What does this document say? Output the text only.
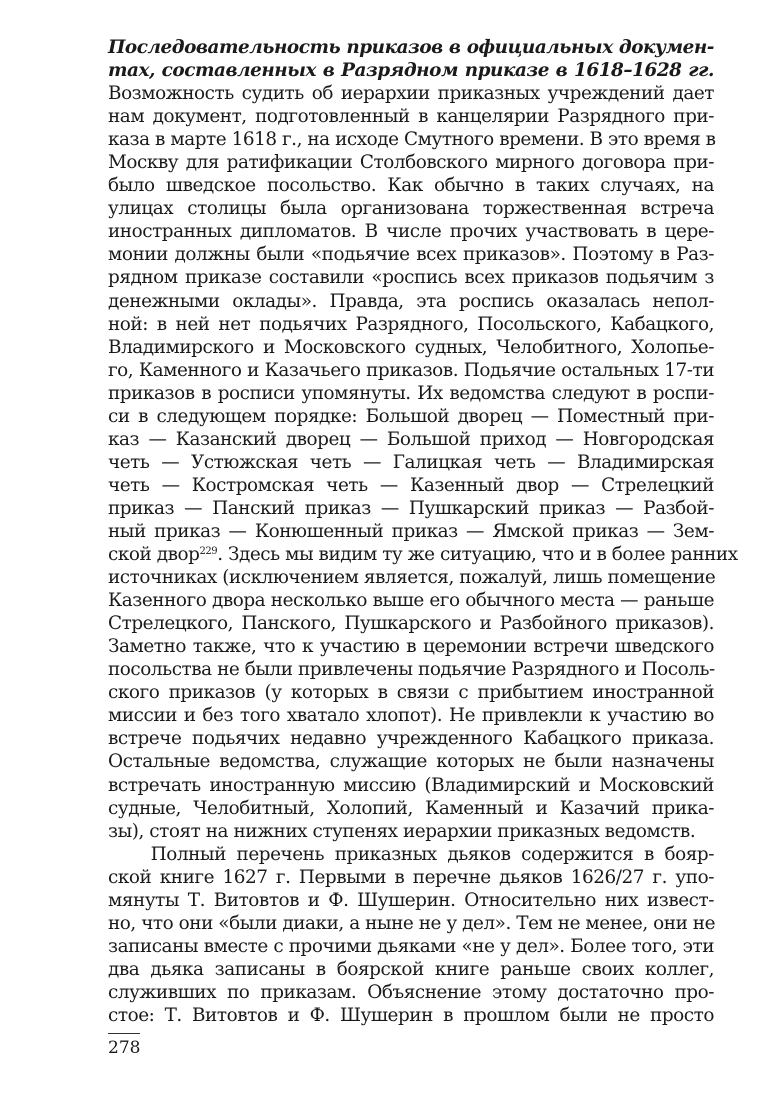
Последовательность приказов в официальных докумен-
тах, составленных в Разрядном приказе в 1618–1628 гг.
Возможность судить об иерархии приказных учреждений дает
нам документ, подготовленный в канцелярии Разрядного при-
каза в марте 1618 г., на исходе Смутного времени. В это время в
Москву для ратификации Столбовского мирного договора при-
было шведское посольство. Как обычно в таких случаях, на
улицах столицы была организована торжественная встреча
иностранных дипломатов. В числе прочих участвовать в цере-
монии должны были «подьячие всех приказов». Поэтому в Раз-
рядном приказе составили «роспись всех приказов подьячим з
денежными оклады». Правда, эта роспись оказалась непол-
ной: в ней нет подьячих Разрядного, Посольского, Кабацкого,
Владимирского и Московского судных, Челобитного, Холопье-
го, Каменного и Казачьего приказов. Подьячие остальных 17-ти
приказов в росписи упомянуты. Их ведомства следуют в роспи-
си в следующем порядке: Большой дворец — Поместный при-
каз — Казанский дворец — Большой приход — Новгородская
четь — Устюжская четь — Галицкая четь — Владимирская
четь — Костромская четь — Казенный двор — Стрелецкий
приказ — Панский приказ — Пушкарский приказ — Разбой-
ный приказ — Конюшенный приказ — Ямской приказ — Зем-
ской двор$^{229}$. Здесь мы видим ту же ситуацию, что и в более ранних
источниках (исключением является, пожалуй, лишь помещение
Казенного двора несколько выше его обычного места — раньше
Стрелецкого, Панского, Пушкарского и Разбойного приказов).
Заметно также, что к участию в церемонии встречи шведского
посольства не были привлечены подьячие Разрядного и Посоль-
ского приказов (у которых в связи с прибытием иностранной
миссии и без того хватало хлопот). Не привлекли к участию во
встрече подьячих недавно учрежденного Кабацкого приказа.
Остальные ведомства, служащие которых не были назначены
встречать иностранную миссию (Владимирский и Московский
судные, Челобитный, Холопий, Каменный и Казачий прика-
зы), стоят на нижних ступенях иерархии приказных ведомств.
Полный перечень приказных дьяков содержится в бояр-
ской книге 1627 г. Первыми в перечне дьяков 1626/27 г. упо-
мянуты Т. Витовтов и Ф. Шушерин. Относительно них извест-
но, что они «были диаки, а ныне не у дел». Тем не менее, они не
записаны вместе с прочими дьяками «не у дел». Более того, эти
два дьяка записаны в боярской книге раньше своих коллег,
служивших по приказам. Объяснение этому достаточно про-
стое: Т. Витовтов и Ф. Шушерин в прошлом были не просто
278
